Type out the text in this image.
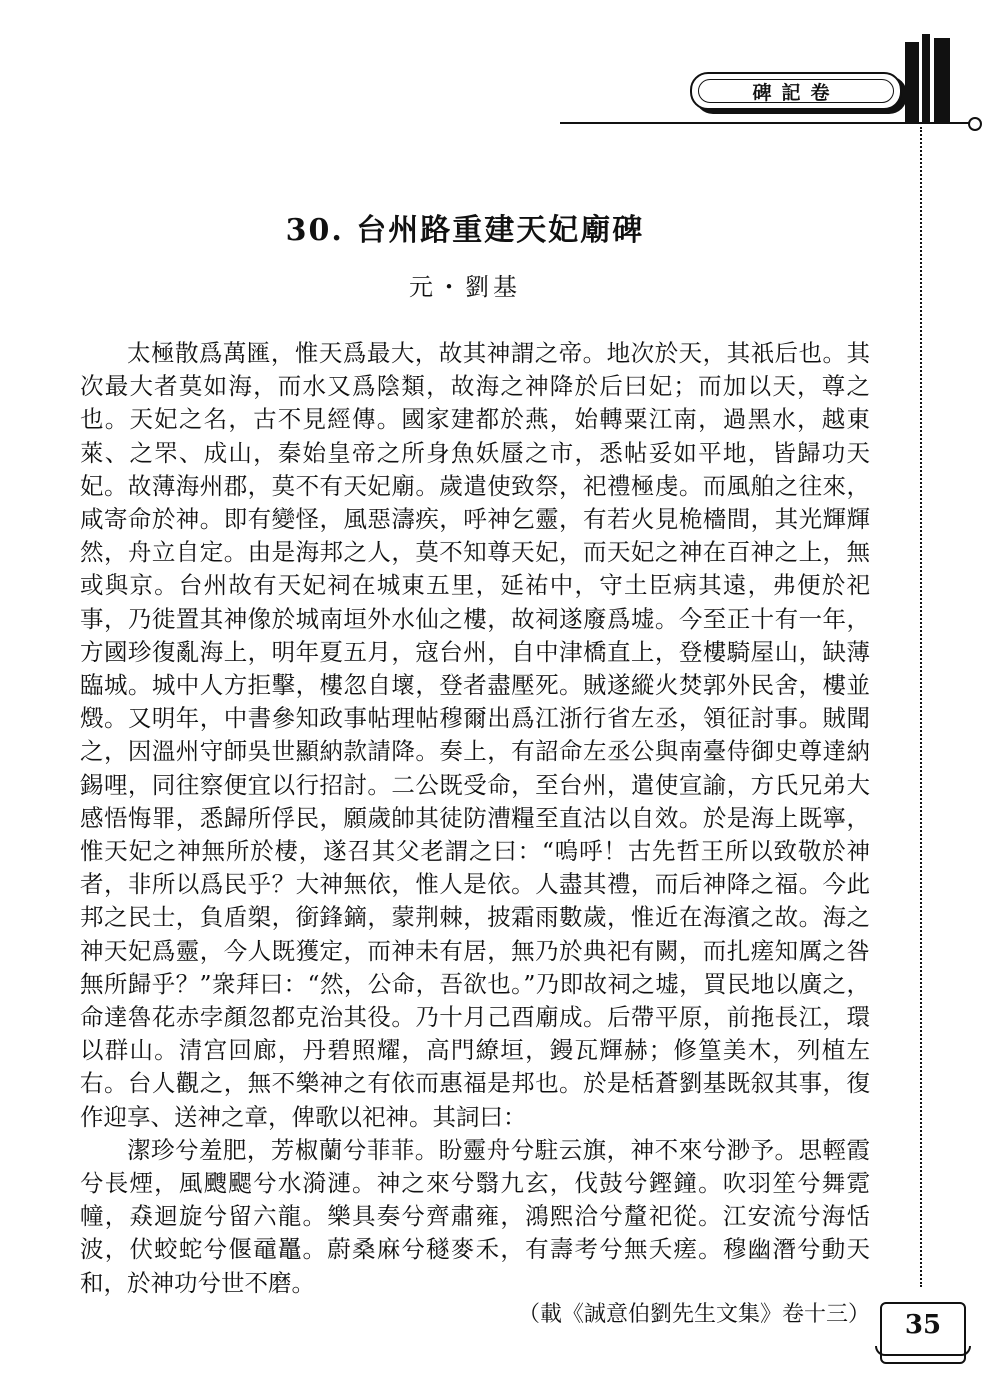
碑記卷
30. 台州路重建天妃廟碑
元・劉基

太極散爲萬匯，惟天爲最大，故其神謂之帝。地次於天，其祇后也。其次最大者莫如海，而水又爲陰類，故海之神降於后曰妃；而加以天，尊之也。天妃之名，古不見經傳。國家建都於燕，始轉粟江南，過黑水，越東萊、之罘、成山，秦始皇帝之所身魚妖蜃之市，悉帖妥如平地，皆歸功天妃。故薄海州郡，莫不有天妃廟。歲遣使致祭，祀禮極虔。而風舶之往來，咸寄命於神。即有變怪，風惡濤疾，呼神乞靈，有若火見桅檣間，其光輝輝然，舟立自定。由是海邦之人，莫不知尊天妃，而天妃之神在百神之上，無或與京。台州故有天妃祠在城東五里，延祐中，守土臣病其遠，弗便於祀事，乃徙置其神像於城南垣外水仙之樓，故祠遂廢爲墟。今至正十有一年，方國珍復亂海上，明年夏五月，寇台州，自中津橋直上，登樓騎屋山，缺薄臨城。城中人方拒擊，樓忽自壞，登者盡壓死。賊遂縱火焚郭外民舍，樓並燬。又明年，中書參知政事帖理帖穆爾出爲江浙行省左丞，領征討事。賊聞之，因溫州守師吳世顯納款請降。奏上，有詔命左丞公與南臺侍御史尊達納錫哩，同往察便宜以行招討。二公既受命，至台州，遣使宣諭，方氏兄弟大感悟悔罪，悉歸所俘民，願歲帥其徒防漕糧至直沽以自效。於是海上既寧，惟天妃之神無所於棲，遂召其父老謂之曰：“嗚呼！古先哲王所以致敬於神者，非所以爲民乎？大神無依，惟人是依。人盡其禮，而后神降之福。今此邦之民士，負盾槊，銜鋒鏑，蒙荆棘，披霜雨數歲，惟近在海濱之故。海之神天妃爲靈，今人既獲定，而神未有居，無乃於典祀有闕，而扎瘥知厲之咎無所歸乎？”衆拜曰：“然，公命，吾欲也。”乃即故祠之墟，買民地以廣之，命達魯花赤孛顏忽都克治其役。乃十月己酉廟成。后帶平原，前拖長江，環以群山。清宫回廊，丹碧照耀，高門繚垣，鏝瓦輝赫；修篁美木，列植左右。台人觀之，無不樂神之有依而惠福是邦也。於是栝蒼劉基既叙其事，復作迎享、送神之章，俾歌以祀神。其詞曰：

潔珍兮羞肥，芳椒蘭兮菲菲。盼靈舟兮駐云旗，神不來兮渺予。思輕霞兮長煙，風颼颸兮水漪漣。神之來兮翳九玄，伐鼓兮鏗鐘。吹羽笙兮舞霓幢，猋迴旋兮留六龍。樂具奏兮齊肅雍，鴻熙洽兮釐祀從。江安流兮海恬波，伏蛟蛇兮偃黿鼉。蔚桑麻兮穟麥禾，有壽考兮無夭瘥。穆幽潛兮動天和，於神功兮世不磨。

（載《誠意伯劉先生文集》卷十三）	35
